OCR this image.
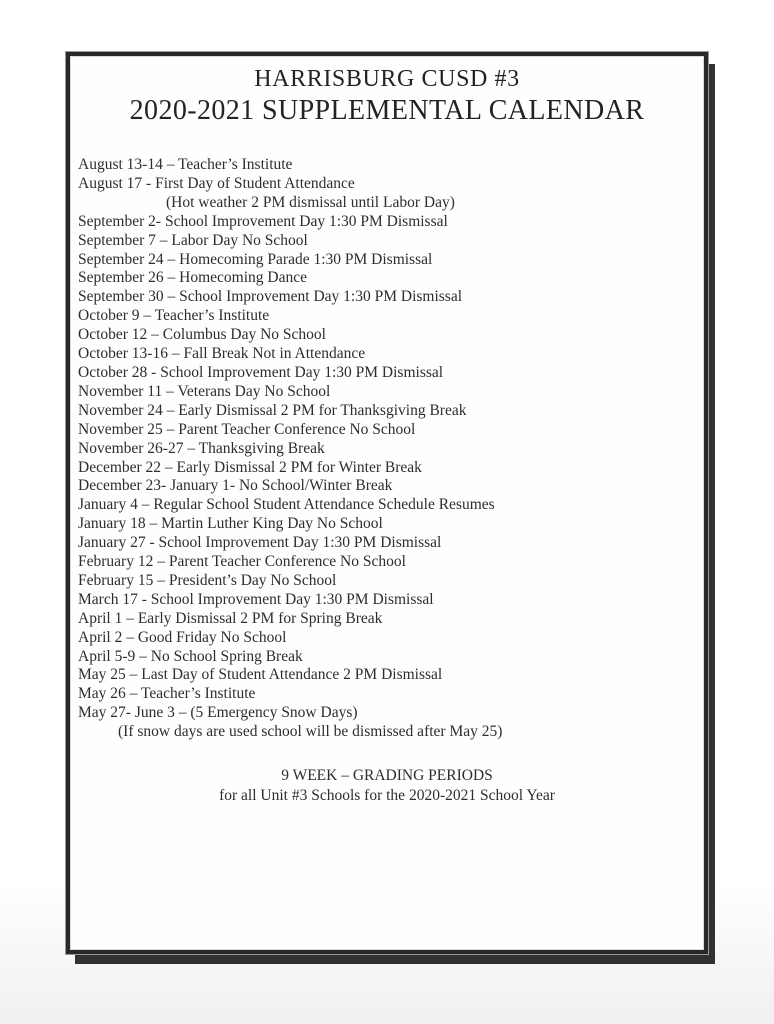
HARRISBURG CUSD #3
2020-2021 SUPPLEMENTAL CALENDAR
August 13-14 – Teacher’s Institute
August 17 - First Day of Student Attendance
(Hot weather 2 PM dismissal until Labor Day)
September 2- School Improvement Day 1:30 PM Dismissal
September 7 – Labor Day No School
September 24 – Homecoming Parade 1:30 PM Dismissal
September 26 – Homecoming Dance
September 30 – School Improvement Day 1:30 PM Dismissal
October 9 – Teacher’s Institute
October 12 – Columbus Day No School
October 13-16 – Fall Break Not in Attendance
October 28 - School Improvement Day 1:30 PM Dismissal
November 11 – Veterans Day No School
November 24 – Early Dismissal 2 PM for Thanksgiving Break
November 25 – Parent Teacher Conference No School
November 26-27 – Thanksgiving Break
December 22 – Early Dismissal 2 PM for Winter Break
December 23- January 1- No School/Winter Break
January 4 – Regular School Student Attendance Schedule Resumes
January 18 – Martin Luther King Day No School
January 27 - School Improvement Day 1:30 PM Dismissal
February 12 – Parent Teacher Conference No School
February 15 – President’s Day No School
March 17 - School Improvement Day 1:30 PM Dismissal
April 1 – Early Dismissal 2 PM for Spring Break
April 2 – Good Friday No School
April 5-9 – No School Spring Break
May 25 – Last Day of Student Attendance 2 PM Dismissal
May 26 – Teacher’s Institute
May 27- June 3 – (5 Emergency Snow Days)
(If snow days are used school will be dismissed after May 25)
9 WEEK – GRADING PERIODS
for all Unit #3 Schools for the 2020-2021 School Year
